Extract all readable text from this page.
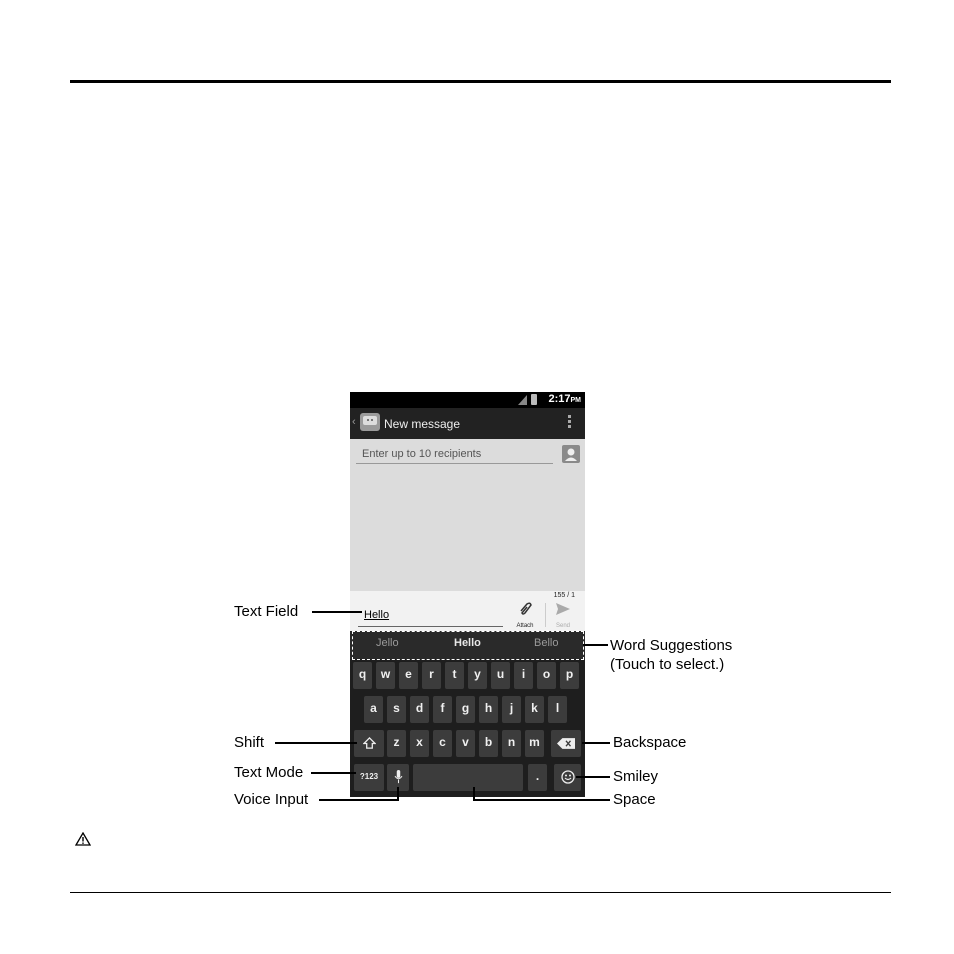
2:17PM
‹ New message
Enter up to 10 recipients
155 / 1
Hello
Attach	Send
Jello	Hello	Bello
q	w	e	r	t	y	u	i	o	p
a	s	d	f	g	h	j	k	l
z	x	c	v	b	n	m
?123	.
Text Field
Word Suggestions
(Touch to select.)
Shift	Backspace
Text Mode	Smiley
Voice Input	Space
